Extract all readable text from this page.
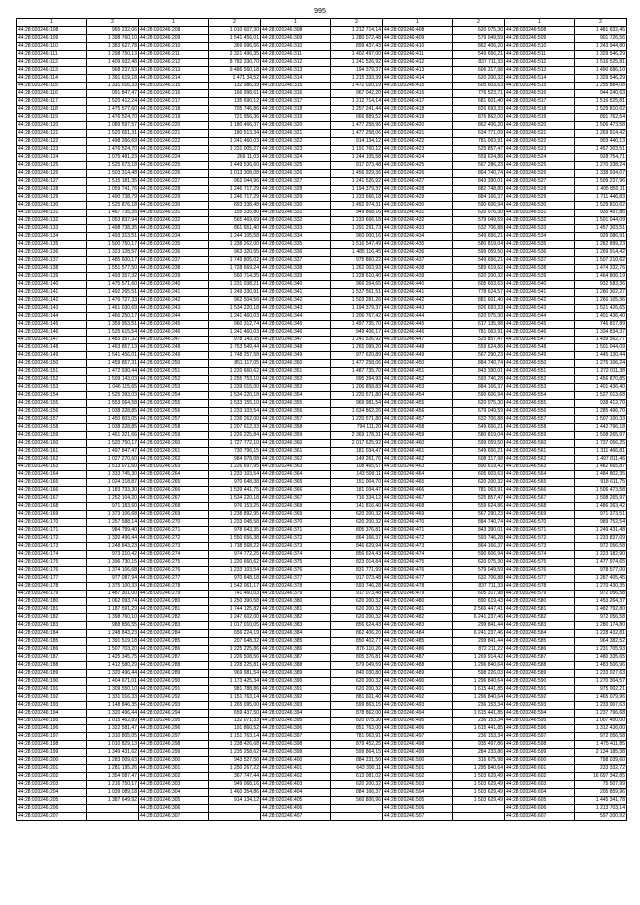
995
1	2	1	2	1	2	1	2	1	2
44:28:020246:108	965 232,06	44:28:020246:208	1 010 607,30	44:28:020246:308	1 212 714,14	44:28:020246:408	620 075,30	44:28:020246:508	1 481 632,45
44:28:020246:109	1 398 760,10	44:28:020246:209	1 541 456,01	44:28:020246:309	1 280 072,48	44:28:020246:409	579 049,59	44:28:020246:509	901 726,56
44:28:020246:110	1 383 627,78	44:28:020246:210	369 996,56	44:28:020246:310	899 437,43	44:28:020246:410	862 406,20	44:28:020246:510	1 243 944,80
44:28:020246:111	1 298 750,13	44:28:020246:211	2 321 496,35	44:28:020246:311	1 402 497,00	44:28:020246:411	549 656,21	44:28:020246:511	1 329 546,29
44:28:020246:112	1 409 932,48	44:28:020246:212	8 782 330,70	44:28:020246:312	1 241 526,92	44:28:020246:412	837 711,33	44:28:020246:512	1 516 525,81
44:28:020246:113	968 237,53	44:28:020246:213	9 486 560,18	44:28:020246:313	194 379,37	44:28:020246:413	606 317,98	44:28:020246:513	1 490 686,10
44:28:020246:114	1 391 619,18	44:28:020246:214	1 471 34,52	44:28:020246:314	1 215 333,39	44:28:020246:414	620 200,32	44:28:020246:514	1 329 546,29
44:28:020246:115	1 331 016,33	44:28:020246:215	132 986,39	44:28:020246:315	1 472 020,19	44:28:020246:415	605 603,63	44:28:020246:515	1 255 884,08
44:28:020246:116	991 847,47	44:28:020246:216	166 998,61	44:28:020246:316	967 042,20	44:28:020246:416	776 523,71	44:28:020246:516	944 240,63
44:28:020246:117	1 520 412,24	44:28:020246:217	135 690,12	44:28:020246:317	1 212 714,14	44:28:020246:417	681 601,40	44:28:020246:517	1 516 525,81
44:28:020246:118	1 475 577,60	44:28:020246:218	705 746,86	44:28:020246:318	1 257 241,44	44:28:020246:418	826 693,33	44:28:020246:518	1 529 810,62
44:28:020246:119	1 476 524,70	44:28:020246:219	721 956,36	44:28:020246:319	666 889,52	44:28:020246:419	876 862,00	44:28:020246:519	891 762,64
44:28:020246:120	1 089 597,57	44:28:020246:220	1 180 466,37	44:28:020246:320	1 477 258,96	44:28:020246:420	862 406,20	44:28:020246:520	1 506 473,58
44:28:020246:121	1 520 651,31	44:28:020246:221	180 513,34	44:28:020246:321	1 477 258,06	44:28:020246:421	634 771,09	44:28:020246:521	1 269 914,42
44:28:020246:122	1 498 266,69	44:28:020246:222	1 241 460,03	44:28:020246:322	914 134,12	44:28:020246:422	781 063,91	44:28:020246:522	903 440,13
44:28:020246:123	1 476 524,70	44:28:020246:223	1 231 005,27	44:28:020246:323	1 191 760,12	44:28:020246:423	525 857,47	44:28:020246:523	1 457 303,51
44:28:020246:124	1 075 481,23	44:28:020246:224	269 11,03	44:28:020246:324	1 244 105,58	44:28:020246:424	559 624,86	44:28:020246:524	928 754,71
44:28:020246:125	1 525 673,18	44:28:020246:225	1 449 536,60	44:28:020246:325	917 073,48	44:28:020246:425	567 286,23	44:28:020246:525	1 270 338,24
44:28:020246:126	1 503 314,48	44:28:020246:226	1 013 308,08	44:28:020246:326	1 456 929,36	44:28:020246:426	864 740,74	44:28:020246:526	1 338 934,07
44:28:020246:127	1 515 181,35	44:28:020246:227	962 044,96	44:28:020246:327	1 241 526,92	44:28:020246:427	843 390,01	44:28:020246:527	1 509 237,96
44:28:020246:128	1 059 741,76	44:28:020246:228	1 246 717,29	44:28:020246:328	1 194 379,37	44:28:020246:428	882 748,80	44:28:020246:528	1 495 850,11
44:28:020246:129	1 490 738,79	44:28:020246:229	1 246 717,29	44:28:020246:329	1 233 666,18	44:28:020246:429	884 166,37	44:28:020246:529	1 711 446,83
44:28:020246:130	1 525 876,18	44:28:020246:230	893 338,48	44:28:020246:330	1 492 974,31	44:28:020246:430	590 606,94	44:28:020246:530	1 529 810,62
44:28:020246:131	1 467 735,35	44:28:020246:231	155 335,80	44:28:020246:331	949 868,16	44:28:020246:431	620 076,30	44:28:020246:531	935 497,86
44:28:020246:132	1 053 837,94	44:28:020246:232	565 469,69	44:28:020246:332	1 233 666,18	44:28:020246:432	579 049,59	44:28:020246:532	1 501 044,09
44:28:020246:133	1 498 738,35	44:28:020246:233	861 651,40	44:28:020246:333	1 291 291,73	44:28:020246:433	632 706,88	44:28:020246:533	1 457 303,51
44:28:020246:134	1 493 313,51	44:28:020246:234	1 244 105,58	44:28:020246:334	960 000,16	44:28:020246:434	549 656,21	44:28:020246:534	929 086,91
44:28:020246:135	1 500 750,17	44:28:020246:235	1 238 262,00	44:28:020246:335	1 516 547,49	44:28:020246:435	580 819,04	44:28:020246:535	1 282 899,23
44:28:020246:136	1 323 128,57	44:28:020246:236	963 320,55	44:28:020246:336	1 485 116,45	44:28:020246:436	599 059,50	44:28:020246:536	1 269 914,42
44:28:020246:137	1 485 600,17	44:28:020246:237	1 749 805,02	44:28:020246:337	975 860,22	44:28:020246:437	549 656,21	44:28:020246:537	1 507 210,62
44:28:020246:138	1 551 577,50	44:28:020246:238	1 728 669,24	44:28:020246:338	1 262 003,93	44:28:020246:438	589 619,62	44:28:020246:538	1 474 332,76
44:28:020246:139	1 493 357,32	44:28:020246:239	560 714,35	44:28:020246:339	1 228 610,40	44:28:020246:439	620 200,32	44:28:020246:539	1 464 806,19
44:28:020246:140	1 475 571,60	44:28:020246:240	1 231 038,21	44:28:020246:340	966 264,65	44:28:020246:440	605 603,63	44:28:020246:540	932 583,36
44:28:020246:141	1 492 265,51	44:28:020246:241	1 249 330,91	44:28:020246:341	1 537 561,51	44:28:020246:441	778 624,57	44:28:020246:541	1 280 302,27
44:28:020246:142	1 476 727,33	44:28:020246:242	962 504,56	44:28:020246:342	1 503 281,26	44:28:020246:442	881 601,40	44:28:020246:542	1 266 105,36
44:28:020246:143	1 461 030,69	44:28:020246:243	1 534 220,18	44:28:020246:343	1 194 379,37	44:28:020246:443	826 693,33	44:28:020246:543	1 521 426,65
44:28:020246:144	1 466 250,17	44:28:020246:244	1 241 460,03	44:28:020246:344	1 206 767,42	44:28:020246:444	620 075,30	44:28:020246:544	1 401 436,40
44:28:020246:145	1 359 953,51	44:28:020246:245	960 312,74	44:28:020246:345	1 497 735,70	44:28:020246:445	617 135,98	44:28:020246:545	746 817,89
44:28:020246:146	1 525 615,54	44:28:020246:246	1 241 460,03	44:28:020246:346	949 406,17	44:28:020246:446	781 063,91	44:28:020246:546	1 334 834,37
44:28:020246:147	1 483 357,32	44:28:020246:247	978 143,35	44:28:020246:347	1 241 526,92	44:28:020246:447	525 857,47	44:28:020246:547	1 439 562,77
44:28:020246:148	1 463 857,13	44:28:020246:248	1 753 549,44	44:28:020246:348	1 265 099,20	44:28:020246:448	559 624,86	44:28:020246:548	1 501 044,09
44:28:020246:149	1 541 456,01	44:28:020246:249	1 748 257,58	44:28:020246:349	977 620,89	44:28:020246:449	567 290,23	44:28:020246:549	1 445 130,44
44:28:020246:150	1 459 857,31	44:28:020246:250	851 117,05	44:28:020246:350	1 477 258,06	44:28:020246:450	884 740,74	44:28:020246:550	1 275 106,24
44:28:020246:151	1 472 930,44	44:28:020246:251	1 220 660,62	44:28:020246:351	1 487 735,70	44:28:020246:451	843 390,01	44:28:020246:551	1 272 011,38
44:28:020246:152	1 509 143,03	44:28:020246:252	1 255 753,10	44:28:020246:352	995 394,93	44:28:020246:452	593 746,28	44:28:020246:552	1 456 870,85
44:28:020246:153	1 046 115,65	44:28:020246:253	1 239 015,00	44:28:020246:353	1 206 858,83	44:28:020246:453	884 166,37	44:28:020246:553	1 401 436,40
44:28:020246:154	1 525 393,03	44:28:020246:254	1 534 220,18	44:28:020246:354	1 220 571,80	44:28:020246:454	590 606,94	44:28:020246:554	1 527 013,68
44:28:020246:155	1 553 064,58	44:28:020246:255	1 533 155,10	44:28:020246:355	969 981,54	44:28:020246:455	620 075,30	44:28:020246:555	938 412,70
44:28:020246:156	1 038 328,85	44:28:020246:256	1 233 103,54	44:28:020246:356	1 634 862,26	44:28:020246:456	679 049,59	44:28:020246:556	1 285 496,70
44:28:020246:157	1 450 803,05	44:28:020246:257	1 236 262,00	44:28:020246:357	1 220 571,80	44:28:020246:457	632 706,88	44:28:020246:557	1 507 100,33
44:28:020246:158	1 038 328,85	44:28:020246:258	1 207 612,33	44:28:020246:358	794 111,20	44:28:020246:458	549 656,21	44:28:020246:558	1 442 796,18
44:28:020246:159	1 461 321,66	44:28:020246:259	1 226 225,84	44:28:020246:359	2 369 178,31	44:28:020246:459	580 819,04	44:28:020246:559	1 508 265,97
44:28:020246:160	1 520 750,17	44:28:020246:260	1 727 772,10	44:28:020246:360	2 017 625,92	44:28:020246:460	599 059,50	44:28:020246:560	1 737 056,25
44:28:020246:161	1 497 847,47	44:28:020246:261	730 796,15	44:28:020246:361	181 034,47	44:28:020246:461	549 656,21	44:28:020246:561	1 311 466,81
44:28:020246:162	1 027 270,60	44:28:020246:262	984 978,08	44:28:020246:362	149 261,76	44:28:020246:462	608 317,98	44:28:020246:562	1 497 811,46
44:28:020246:163	1 513 071,60	44:28:020246:263	1 226 697,95	44:28:020246:363	108 465,57	44:28:020246:463	890 619,42	44:28:020246:563	1 482 665,87
44:28:020246:164	1 333 745,30	44:28:020246:264	1 233 103,54	44:28:020246:364	143 599,11	44:28:020246:464	605 603,63	44:28:020246:564	1 484 802,35
44:28:020246:165	1 024 318,87	44:28:020246:265	970 648,38	44:28:020246:365	151 004,70	44:28:020246:465	620 200,32	44:28:020246:565	918 611,75
44:28:020246:166	1 183 733,30	44:28:020246:266	1 539 441,75	44:28:020246:366	181 034,47	44:28:020246:466	781 063,91	44:28:020246:566	1 506 473,58
44:28:020246:167	1 252 104,20	44:28:020246:267	1 534 220,18	44:28:020246:367	716 334,12	44:28:020246:467	525 857,47	44:28:020246:567	1 508 265,97
44:28:020246:168	971 183,60	44:28:020246:268	976 153,25	44:28:020246:368	141 816,40	44:28:020246:468	559 624,86	44:28:020246:568	1 486 263,42
44:28:020246:169	1 373 106,68	44:28:020246:269	1 238 892,95	44:28:020246:369	620 200,32	44:28:020246:469	567 290,23	44:28:020246:569	971 373,51
44:28:020246:170	1 257 588,14	44:28:020246:270	1 233 048,58	44:28:020246:370	620 200,32	44:28:020246:470	884 740,74	44:28:020246:570	989 752,54
44:28:020246:171	984 799,40	44:28:020246:271	978 643,35	44:28:020246:371	805 376,81	44:28:020246:471	843 390,01	44:28:020246:571	1 249 431,48
44:28:020246:172	1 320 496,44	44:28:020246:272	1 550 656,38	44:28:020246:372	864 166,37	44:28:020246:472	593 746,28	44:28:020246:572	1 233 837,09
44:28:020246:173	1 248 843,23	44:28:020246:273	1 738 568,22	44:28:020246:373	846 629,94	44:28:020246:473	864 166,37	44:28:020246:573	972 056,58
44:28:020246:174	973 210,42	44:28:020246:274	974 772,25	44:28:020246:374	856 624,43	44:28:020246:474	590 606,94	44:28:020246:574	1 223 182,90
44:28:020246:175	1 396 730,15	44:28:020246:275	1 220 660,62	44:28:020246:375	823 014,84	44:28:020246:475	620 075,30	44:28:020246:575	1 477 974,65
44:28:020246:176	1 374 106,68	44:28:020246:276	1 233 103,54	44:28:020246:376	831 771,99	44:28:020246:476	579 049,59	44:28:020246:576	978 577,00
44:28:020246:177	977 087,94	44:28:020246:277	970 848,18	44:28:020246:377	917 073,48	44:28:020246:477	632 706,88	44:28:020246:577	1 287 405,45
44:28:020246:178	1 375 100,33	44:28:020246:278	1 542 061,17	44:28:020246:378	593 746,28	44:28:020246:478	837 711,33	44:28:020246:578	1 270 430,35
44:28:020246:179	1 487 301,00	44:28:020246:279	741 460,03	44:28:020246:379	917 073,48	44:28:020246:479	605 317,98	44:28:020246:579	972 056,58
44:28:020246:180	1 062 093,74	44:28:020246:280	1 250 390,58	44:28:020246:380	620 200,32	44:28:020246:480	890 619,43	44:28:020246:580	1 453 264,37
44:28:020246:181	1 187 591,29	44:28:020246:281	1 744 125,82	44:28:020246:381	620 200,32	44:28:020246:481	2 566 447,41	44:28:020246:581	1 482 792,80
44:28:020246:182	1 398 760,10	44:28:020246:282	1 247 602,00	44:28:020246:382	620 200,32	44:28:020246:482	6 241 237,46	44:28:020246:582	972 056,58
44:28:020246:183	988 856,55	44:28:020246:283	1 017 010,05	44:28:020246:383	856 624,43	44:28:020246:483	299 841,44	44:28:020246:583	1 280 174,80
44:28:020246:184	1 248 843,23	44:28:020246:284	656 224,19	44:28:020246:384	862 406,20	44:28:020246:484	6 241 237,46	44:28:020246:584	1 228 432,81
44:28:020246:185	1 391 519,18	44:28:020246:285	207 648,32	44:28:020246:385	850 402,77	44:28:020246:485	299 841,44	44:28:020246:585	964 382,52
44:28:020246:186	1 507 703,20	44:28:020246:286	1 225 225,86	44:28:020246:386	876 110,26	44:28:020246:486	872 211,22	44:28:020246:586	1 231 705,93
44:28:020246:187	1 425 345,75	44:28:020246:287	1 226 508,56	44:28:020246:387	805 376,81	44:28:020246:487	1 269 914,42	44:28:020246:587	1 480 335,65
44:28:020246:188	1 412 580,29	44:28:020246:288	1 228 225,81	44:28:020246:388	579 049,59	44:28:020246:488	1 296 840,64	44:28:020246:588	1 483 506,96
44:28:020246:189	1 320 496,44	44:28:020246:289	969 981,54	44:28:020246:389	840 030,80	44:28:020246:489	598 226,03	44:28:020246:589	1 233 027,63
44:28:020246:190	1 404 671,01	44:28:020246:290	1 173 425,34	44:28:020246:390	620 200,32	44:28:020246:490	1 296 840,64	44:28:020246:590	1 270 304,57
44:28:020246:191	1 309 550,10	44:28:020246:291	981 788,86	44:28:020246:391	620 200,32	44:28:020246:491	1 615 441,85	44:28:020246:591	975 002,21
44:28:020246:192	1 331 016,33	44:28:020246:292	1 151 763,14	44:28:020246:392	881 601,40	44:28:020246:492	1 296 840,64	44:28:020246:592	1 465 079,96
44:28:020246:193	1 148 846,35	44:28:020246:293	1 265 095,00	44:28:020246:393	599 863,15	44:28:020246:493	236 153,34	44:28:020246:593	1 233 007,63
44:28:020246:194	1 320 496,44	44:28:020246:294	659 437,50	44:28:020246:394	878 862,00	44:28:020246:494	1 615 441,85	44:28:020246:594	1 237 796,68
44:28:020246:195	1 015 462,89	44:28:020246:295	132 071,33	44:28:020246:395	820 075,30	44:28:020246:495	236 153,34	44:28:020246:595	1 007 450,00
44:28:020246:196	1 322 581,47	44:28:020246:296	191 860,52	44:28:020246:396	851 763,00	44:28:020246:496	1 615 441,85	44:28:020246:596	1 312 436,00
44:28:020246:197	1 310 805,05	44:28:020246:297	1 151 763,14	44:28:020246:397	781 063,91	44:28:020246:497	236 153,34	44:28:020246:597	972 056,58
44:28:020246:198	1 010 829,13	44:28:020246:298	1 238 426,68	44:28:020246:398	879 452,25	44:28:020246:498	935 497,86	44:28:020246:598	1 475 411,85
44:28:020246:199	1 349 431,62	44:28:020246:299	1 235 258,62	44:28:020246:399	599 864,15	44:28:020246:499	284 233,86	44:28:020246:599	2 134 185,38
44:28:020246:200	1 283 009,63	44:28:020246:300	943 527,50	44:28:020246:400	884 231,50	44:28:020246:500	316 675,98	44:28:020246:600	798 039,60
44:28:020246:201	1 281 195,26	44:28:020246:301	1 250 267,22	44:28:020246:401	643 390,11	44:28:020246:501	1 295 840,64	44:28:020246:601	233 332,72
44:28:020246:202	1 354 087,47	44:28:020246:302	367 747,44	44:28:020246:402	613 081,02	44:28:020246:502	1 503 629,49	44:28:020246:602	16 697 342,85
44:28:020246:203	1 216 750,17	44:28:020246:303	949 068,16	44:28:020246:403	620 200,32	44:28:020246:503	1 503 629,49	44:28:020246:603	75 507,99
44:28:020246:204	1 039 089,18	44:28:020246:304	1 460 354,86	44:28:020246:404	884 166,37	44:28:020246:504	1 503 629,49	44:28:020246:604	205 859,96
44:28:020246:205	1 387 649,92	44:28:020246:305	914 134,12	44:28:020246:405	560 806,96	44:28:020246:505	1 503 629,49	44:28:020246:605	1 445 341,78
44:28:020246:206		44:28:020246:306		44:28:020246:406		44:28:020246:506		44:28:020246:606	1 213 703,14
44:28:020246:207		44:28:020246:307		44:28:020246:407		44:28:020246:507		44:28:020246:607	597 200,92
